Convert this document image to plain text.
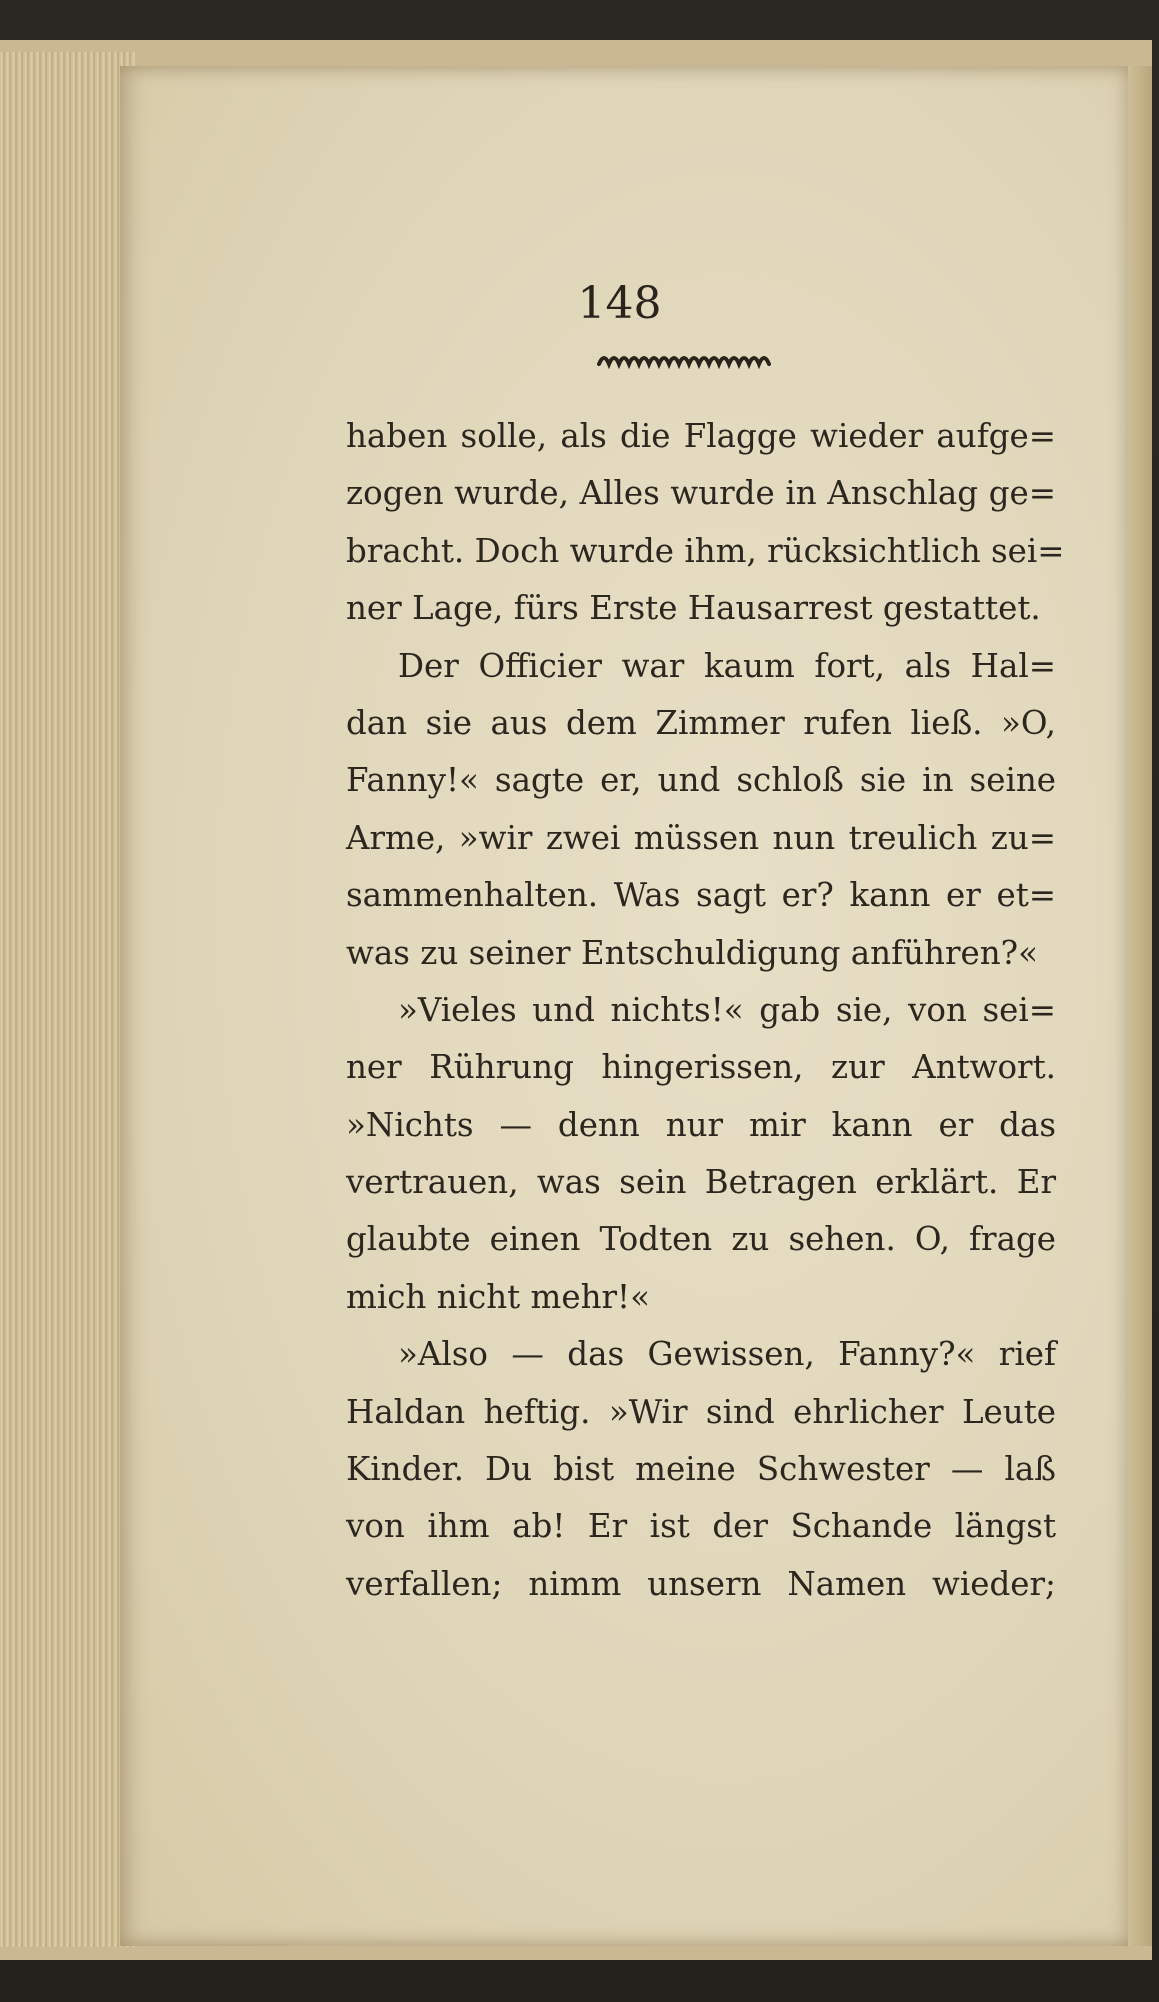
148
haben solle, als die Flagge wieder aufge=
zogen wurde, Alles wurde in Anschlag ge=
bracht. Doch wurde ihm, rücksichtlich sei=
ner Lage, fürs Erste Hausarrest gestattet.
Der Officier war kaum fort, als Hal=
dan sie aus dem Zimmer rufen ließ. »O,
Fanny!« sagte er, und schloß sie in seine
Arme, »wir zwei müssen nun treulich zu=
sammenhalten. Was sagt er? kann er et=
was zu seiner Entschuldigung anführen?«
»Vieles und nichts!« gab sie, von sei=
ner Rührung hingerissen, zur Antwort.
»Nichts — denn nur mir kann er das
vertrauen, was sein Betragen erklärt. Er
glaubte einen Todten zu sehen. O, frage
mich nicht mehr!«
»Also — das Gewissen, Fanny?« rief
Haldan heftig. »Wir sind ehrlicher Leute
Kinder. Du bist meine Schwester — laß
von ihm ab! Er ist der Schande längst
verfallen; nimm unsern Namen wieder;
